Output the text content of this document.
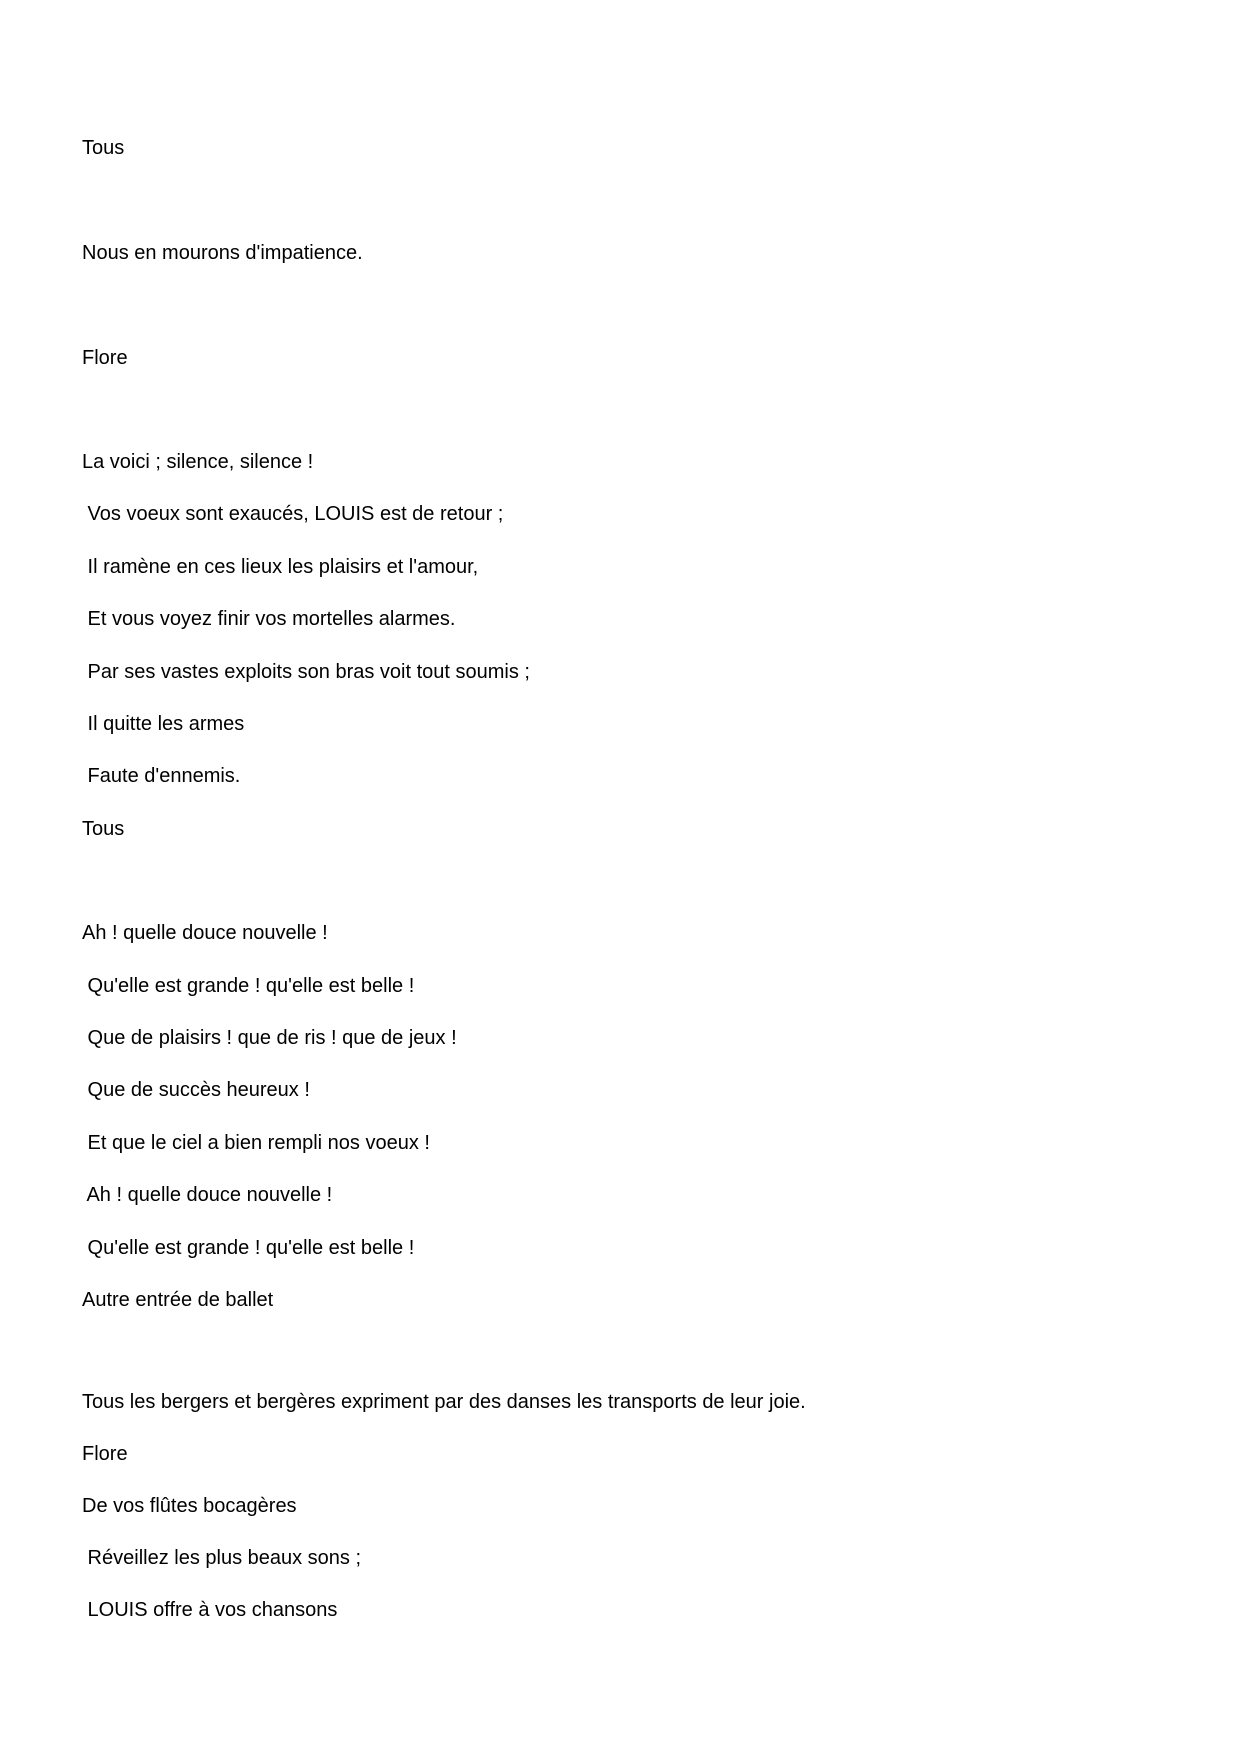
Tous
Nous en mourons d'impatience.
Flore
La voici ; silence, silence !
Vos voeux sont exaucés, LOUIS est de retour ;
Il ramène en ces lieux les plaisirs et l'amour,
Et vous voyez finir vos mortelles alarmes.
Par ses vastes exploits son bras voit tout soumis ;
Il quitte les armes
Faute d'ennemis.
Tous
Ah ! quelle douce nouvelle !
Qu'elle est grande ! qu'elle est belle !
Que de plaisirs ! que de ris ! que de jeux !
Que de succès heureux !
Et que le ciel a bien rempli nos voeux !
Ah ! quelle douce nouvelle !
Qu'elle est grande ! qu'elle est belle !
Autre entrée de ballet
Tous les bergers et bergères expriment par des danses les transports de leur joie.
Flore
De vos flûtes bocagères
Réveillez les plus beaux sons ;
LOUIS offre à vos chansons
